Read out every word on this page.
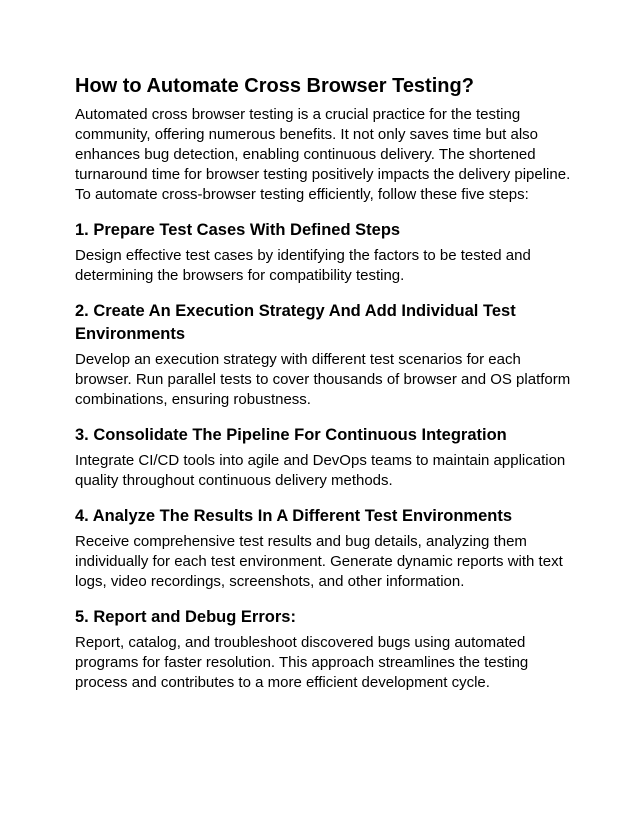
How to Automate Cross Browser Testing?

Automated cross browser testing is a crucial practice for the testing
community, offering numerous benefits. It not only saves time but also
enhances bug detection, enabling continuous delivery. The shortened
turnaround time for browser testing positively impacts the delivery pipeline.
To automate cross-browser testing efficiently, follow these five steps:

1. Prepare Test Cases With Defined Steps

Design effective test cases by identifying the factors to be tested and
determining the browsers for compatibility testing.

2. Create An Execution Strategy And Add Individual Test
Environments

Develop an execution strategy with different test scenarios for each
browser. Run parallel tests to cover thousands of browser and OS platform
combinations, ensuring robustness.

3. Consolidate The Pipeline For Continuous Integration

Integrate CI/CD tools into agile and DevOps teams to maintain application
quality throughout continuous delivery methods.

4. Analyze The Results In A Different Test Environments

Receive comprehensive test results and bug details, analyzing them
individually for each test environment. Generate dynamic reports with text
logs, video recordings, screenshots, and other information.

5. Report and Debug Errors:

Report, catalog, and troubleshoot discovered bugs using automated
programs for faster resolution. This approach streamlines the testing
process and contributes to a more efficient development cycle.
